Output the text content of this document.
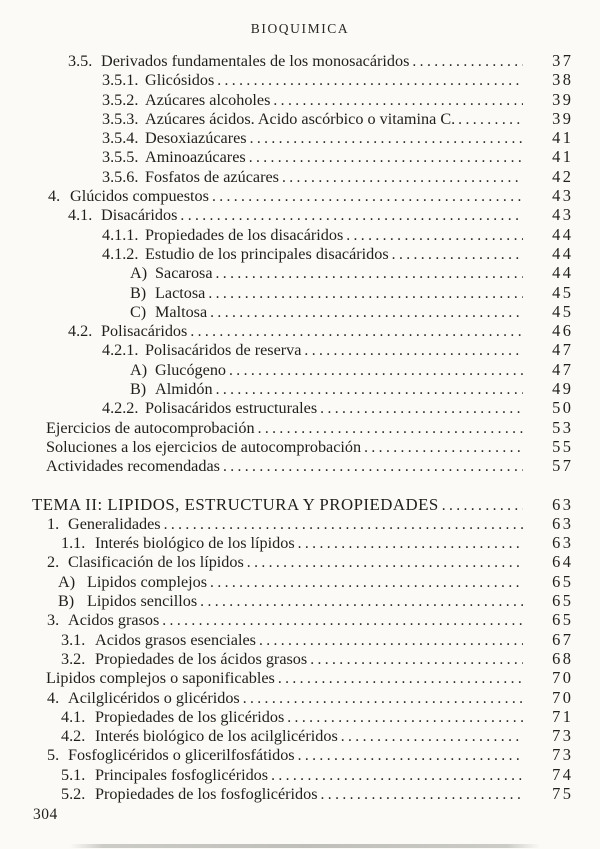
BIOQUIMICA
3.5. Derivados fundamentales de los monosacáridos .....	37
3.5.1. Glicósidos .....	38
3.5.2. Azúcares alcoholes .....	39
3.5.3. Azúcares ácidos. Acido ascórbico o vitamina C. .....	39
3.5.4. Desoxiazúcares .....	41
3.5.5. Aminoazúcares .....	41
3.5.6. Fosfatos de azúcares .....	42
4. Glúcidos compuestos .....	43
4.1. Disacáridos .....	43
4.1.1. Propiedades de los disacáridos .....	44
4.1.2. Estudio de los principales disacáridos .....	44
A) Sacarosa .....	44
B) Lactosa .....	45
C) Maltosa .....	45
4.2. Polisacáridos .....	46
4.2.1. Polisacáridos de reserva .....	47
A) Glucógeno .....	47
B) Almidón .....	49
4.2.2. Polisacáridos estructurales .....	50
Ejercicios de autocomprobación .....	53
Soluciones a los ejercicios de autocomprobación .....	55
Actividades recomendadas .....	57
TEMA II: LIPIDOS, ESTRUCTURA Y PROPIEDADES .....	63
1. Generalidades .....	63
1.1. Interés biológico de los lípidos .....	63
2. Clasificación de los lípidos .....	64
A) Lipidos complejos .....	65
B) Lipidos sencillos .....	65
3. Acidos grasos .....	65
3.1. Acidos grasos esenciales .....	67
3.2. Propiedades de los ácidos grasos .....	68
Lipidos complejos o saponificables .....	70
4. Acilglicéridos o glicéridos .....	70
4.1. Propiedades de los glicéridos .....	71
4.2. Interés biológico de los acilglicéridos .....	73
5. Fosfoglicéridos o glicerilfosfátidos .....	73
5.1. Principales fosfoglicéridos .....	74
5.2. Propiedades de los fosfoglicéridos .....	75
304
